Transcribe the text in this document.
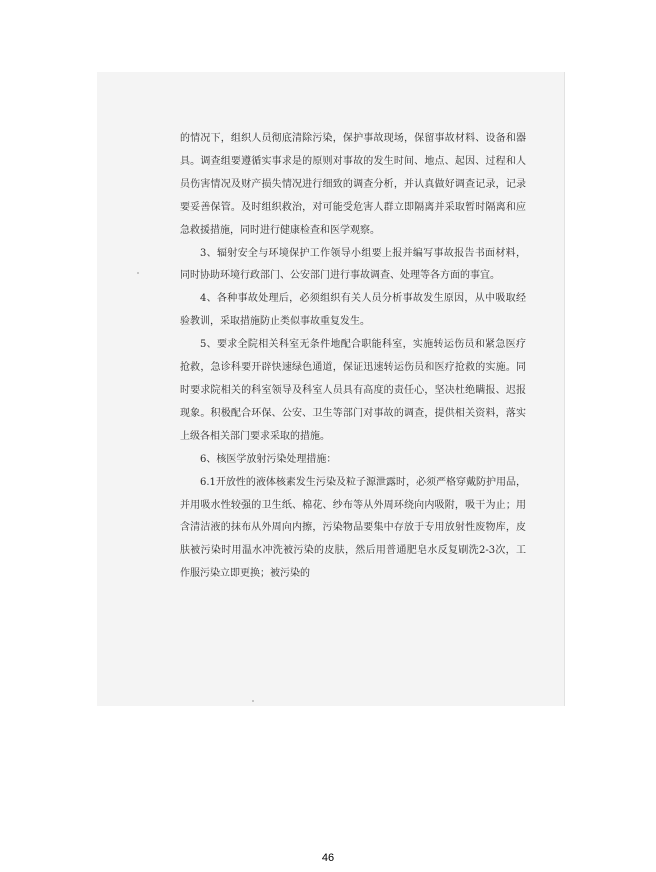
的情况下，组织人员彻底清除污染，保护事故现场，保留事故材料、设备和器具。调查组要遵循实事求是的原则对事故的发生时间、地点、起因、过程和人员伤害情况及财产损失情况进行细致的调查分析，并认真做好调查记录，记录要妥善保管。及时组织救治，对可能受危害人群立即隔离并采取暂时隔离和应急救援措施，同时进行健康检查和医学观察。

3、辐射安全与环境保护工作领导小组要上报并编写事故报告书面材料，同时协助环境行政部门、公安部门进行事故调查、处理等各方面的事宜。

4、各种事故处理后，必须组织有关人员分析事故发生原因，从中吸取经验教训，采取措施防止类似事故重复发生。

5、要求全院相关科室无条件地配合职能科室，实施转运伤员和紧急医疗抢救，急诊科要开辟快速绿色通道，保证迅速转运伤员和医疗抢救的实施。同时要求院相关的科室领导及科室人员具有高度的责任心，坚决杜绝瞒报、迟报现象。积极配合环保、公安、卫生等部门对事故的调查，提供相关资料，落实上级各相关部门要求采取的措施。

6、核医学放射污染处理措施：

6.1开放性的液体核素发生污染及粒子源泄露时，必须严格穿戴防护用品，并用吸水性较强的卫生纸、棉花、纱布等从外周环绕向内吸附，吸干为止；用含清洁液的抹布从外周向内擦，污染物品要集中存放于专用放射性废物库，皮肤被污染时用温水冲洗被污染的皮肤，然后用普通肥皂水反复刷洗2-3次，工作服污染立即更换；被污染的

46
